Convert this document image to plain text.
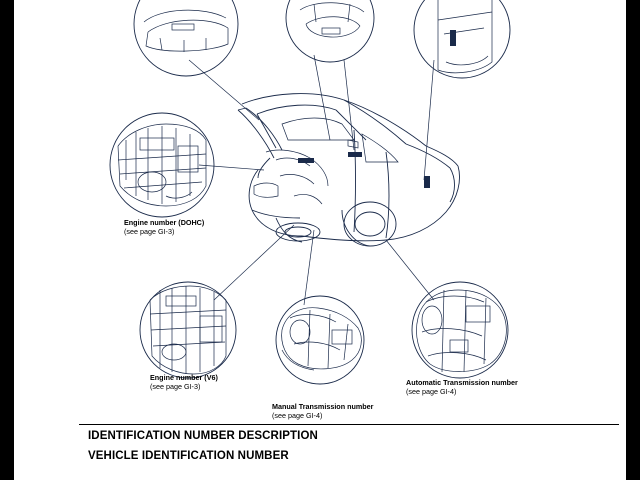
Engine number (DOHC)
(see page GI-3)
Engine number (V6)
(see page GI-3)
Manual Transmission number
(see page GI-4)
Automatic Transmission number
(see page GI-4)
IDENTIFICATION NUMBER DESCRIPTION
VEHICLE IDENTIFICATION NUMBER
